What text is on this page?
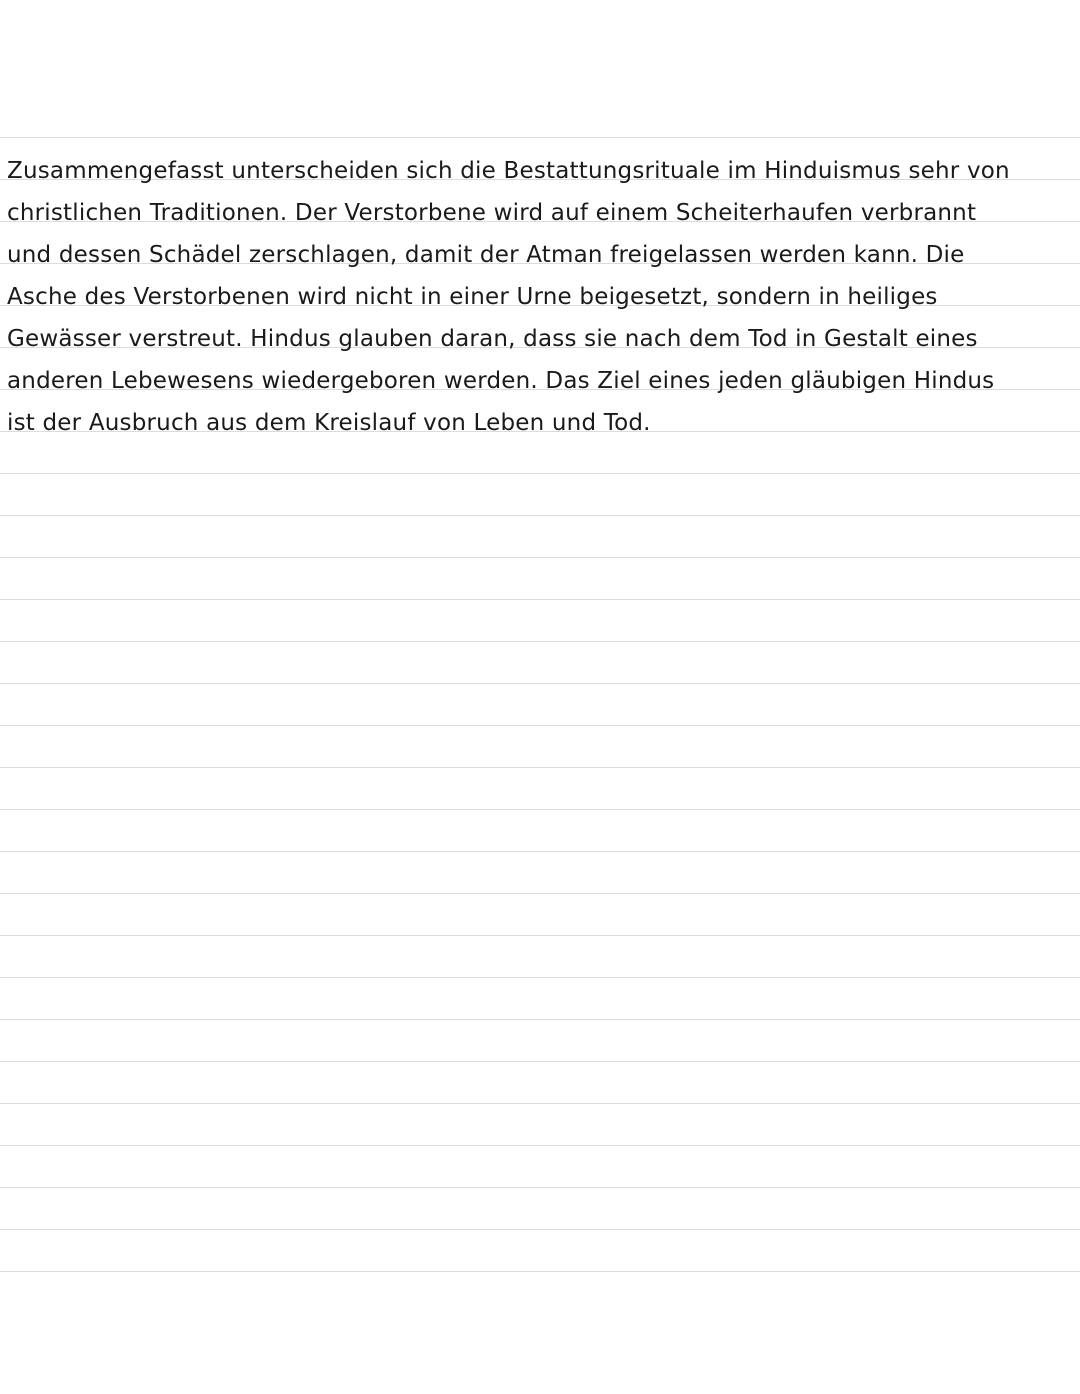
Zusammengefasst unterscheiden sich die Bestattungsrituale im Hinduismus sehr von
christlichen Traditionen. Der Verstorbene wird auf einem Scheiterhaufen verbrannt
und dessen Schädel zerschlagen, damit der Atman freigelassen werden kann. Die
Asche des Verstorbenen wird nicht in einer Urne beigesetzt, sondern in heiliges
Gewässer verstreut. Hindus glauben daran, dass sie nach dem Tod in Gestalt eines
anderen Lebewesens wiedergeboren werden. Das Ziel eines jeden gläubigen Hindus
ist der Ausbruch aus dem Kreislauf von Leben und Tod.
